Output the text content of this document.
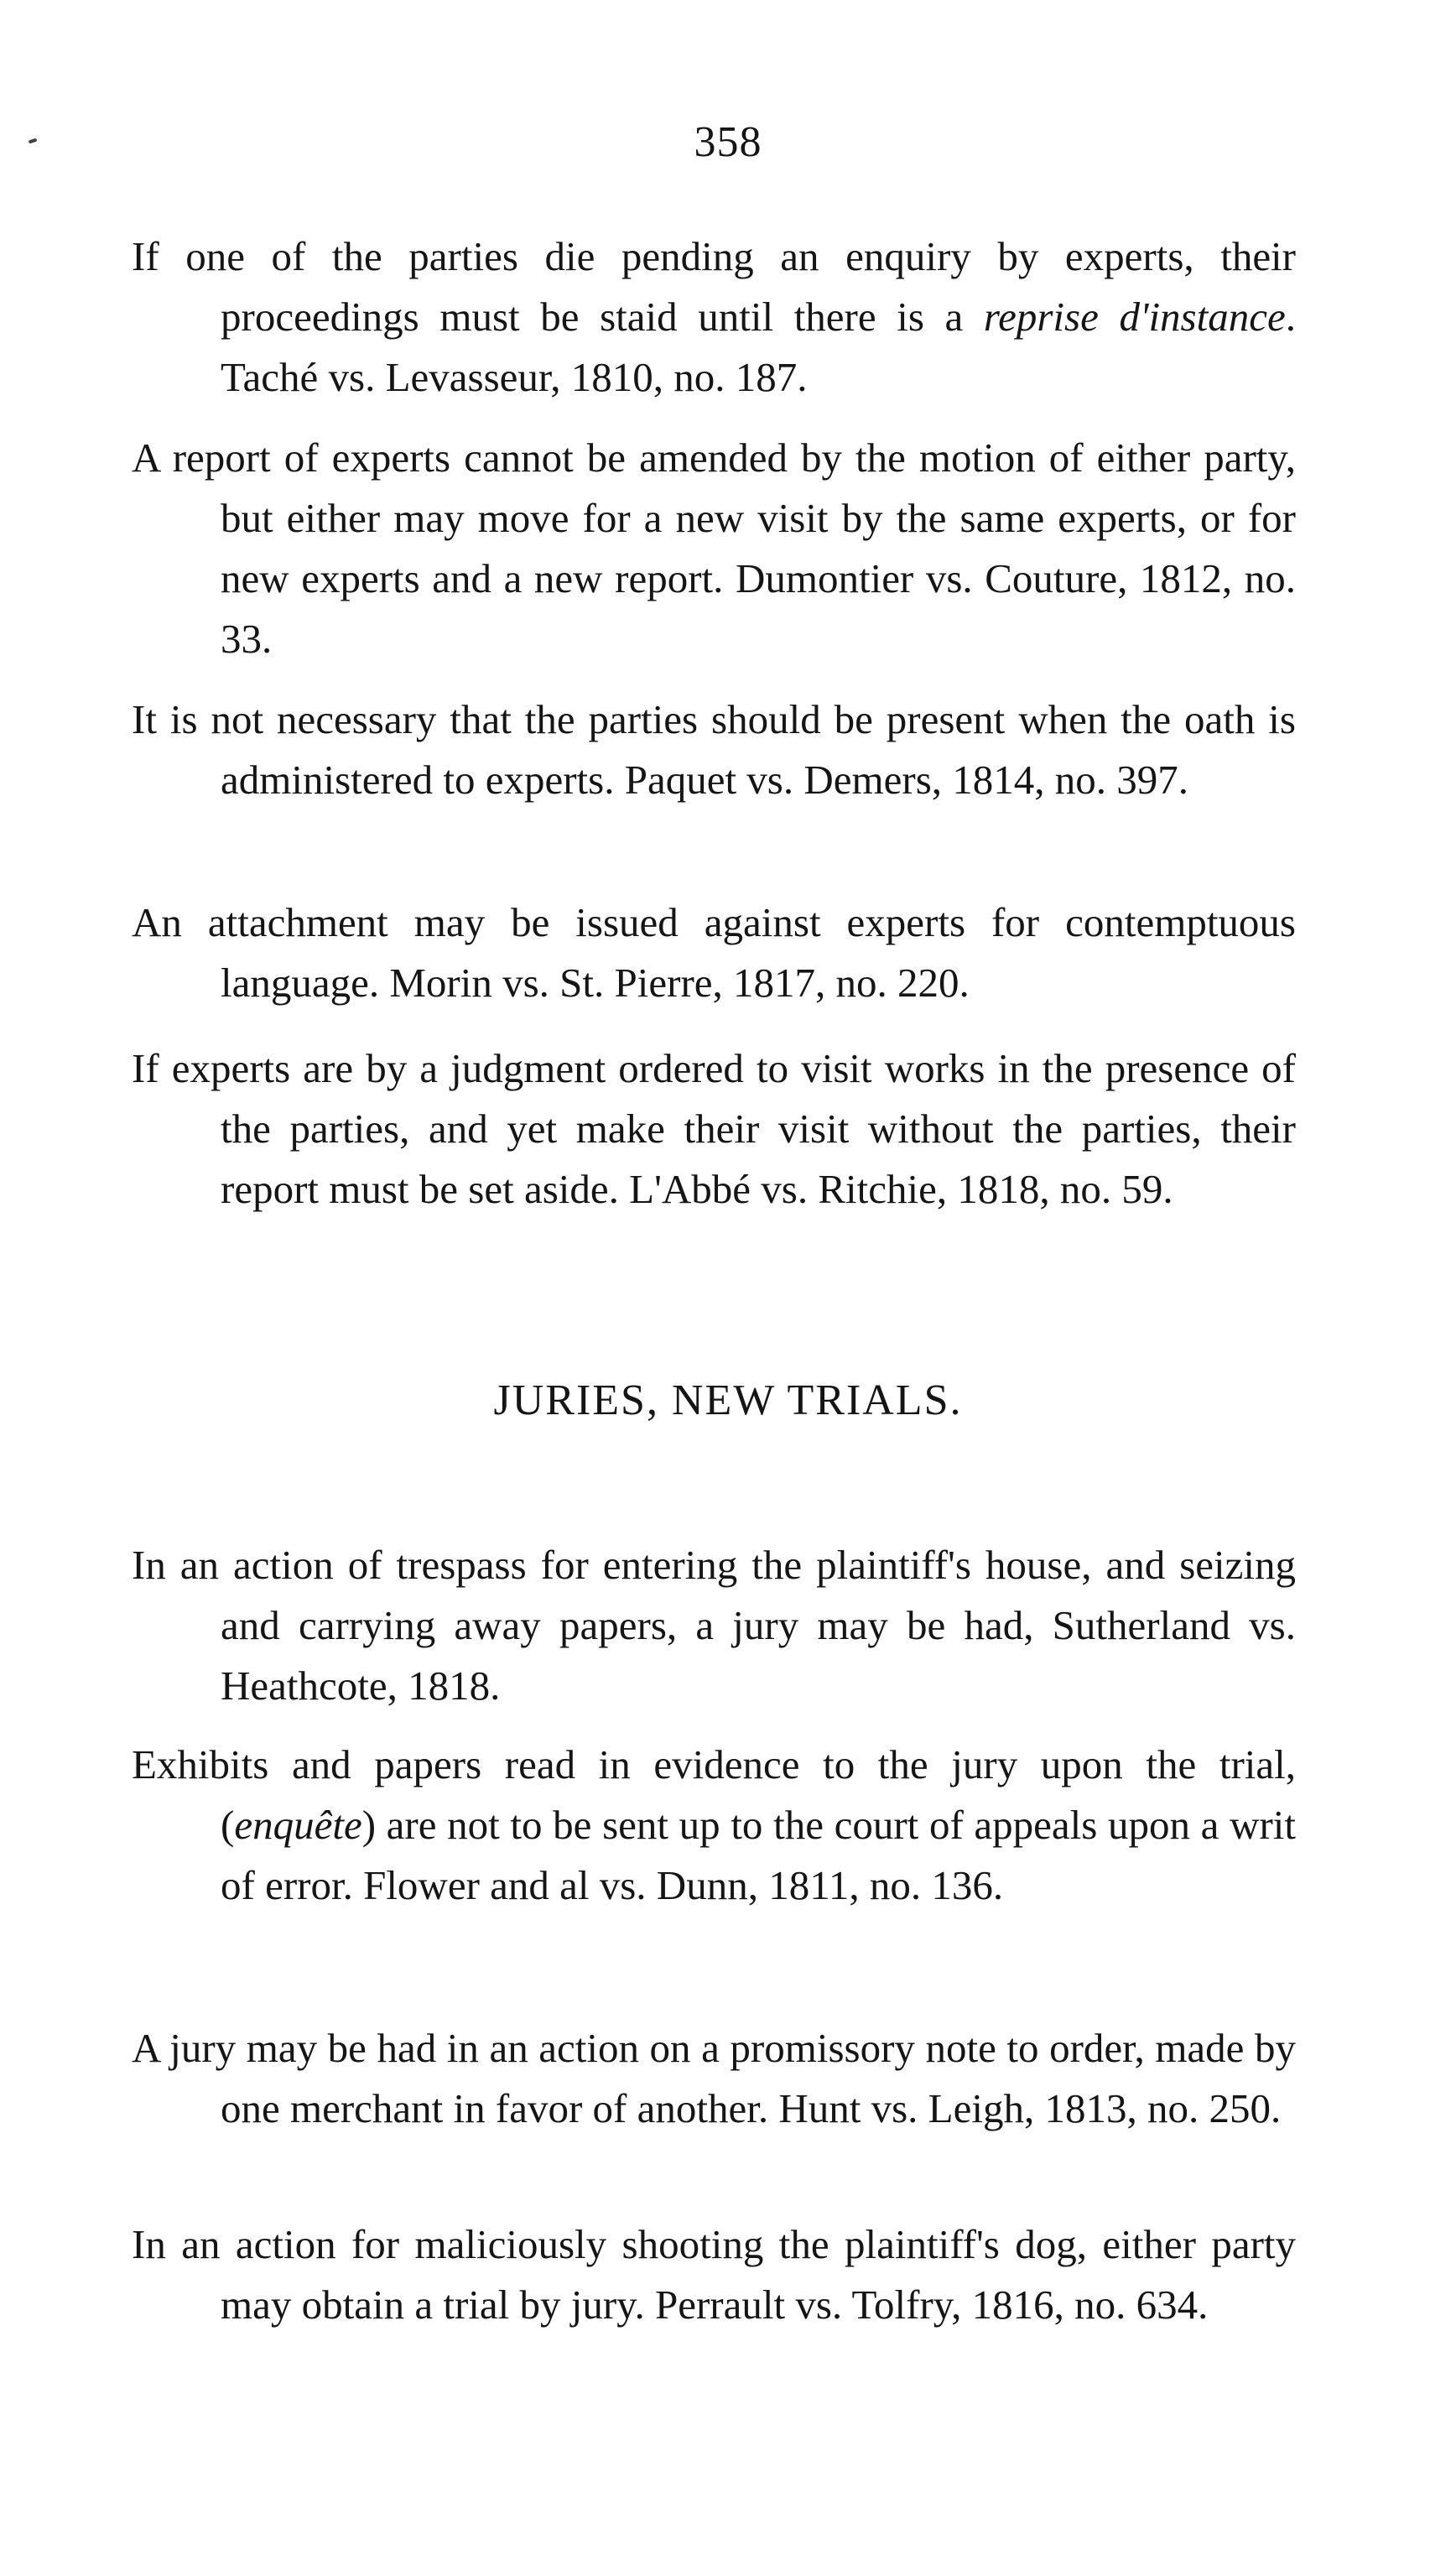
358

If one of the parties die pending an enquiry by experts, their proceedings must be staid until there is a reprise d'instance. Taché vs. Levasseur, 1810, no. 187.

A report of experts cannot be amended by the motion of either party, but either may move for a new visit by the same experts, or for new experts and a new report. Dumontier vs. Couture, 1812, no. 33.

It is not necessary that the parties should be present when the oath is administered to experts. Paquet vs. Demers, 1814, no. 397.

An attachment may be issued against experts for contemptuous language. Morin vs. St. Pierre, 1817, no. 220.

If experts are by a judgment ordered to visit works in the presence of the parties, and yet make their visit without the parties, their report must be set aside. L'Abbé vs. Ritchie, 1818, no. 59.

JURIES, NEW TRIALS.

In an action of trespass for entering the plaintiff's house, and seizing and carrying away papers, a jury may be had, Sutherland vs. Heathcote, 1818.

Exhibits and papers read in evidence to the jury upon the trial, (enquête) are not to be sent up to the court of appeals upon a writ of error. Flower and al vs. Dunn, 1811, no. 136.

A jury may be had in an action on a promissory note to order, made by one merchant in favor of another. Hunt vs. Leigh, 1813, no. 250.

In an action for maliciously shooting the plaintiff's dog, either party may obtain a trial by jury. Perrault vs. Tolfry, 1816, no. 634.
